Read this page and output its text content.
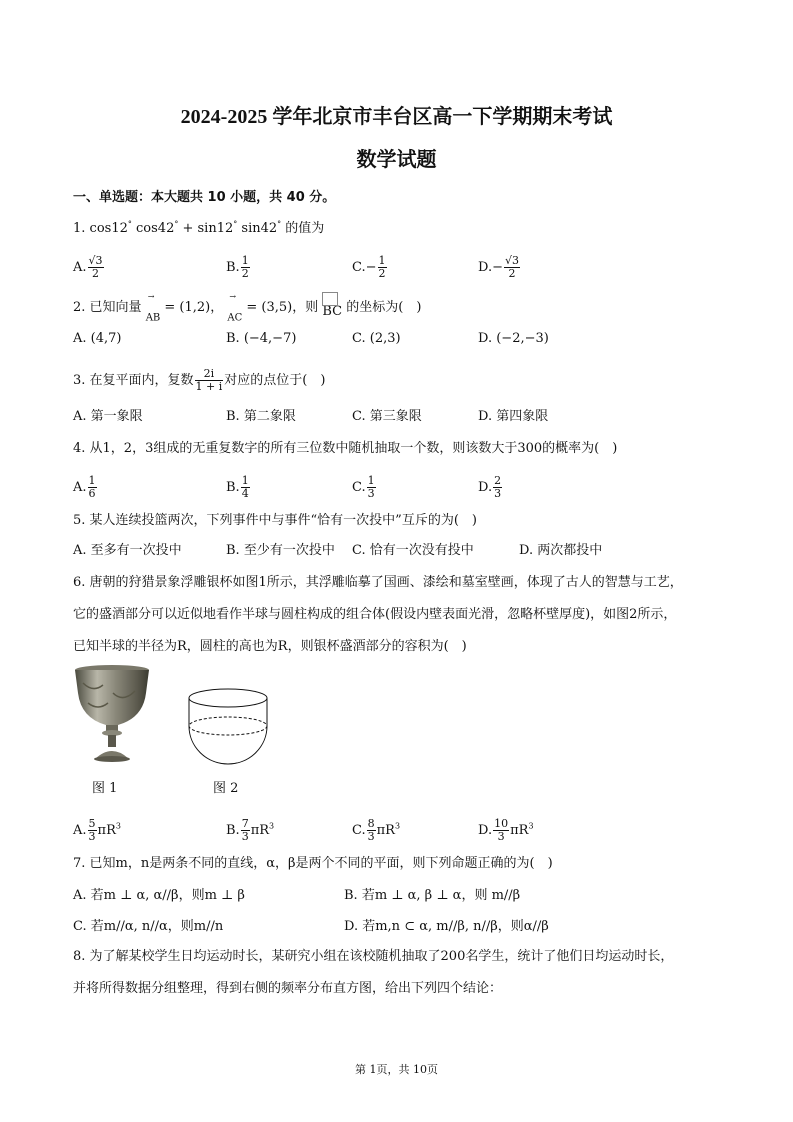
2024-2025 学年北京市丰台区高一下学期期末考试
数学试题
一、单选题：本大题共 10 小题，共 40 分。
1. cos12° cos42° + sin12° sin42° 的值为
A. $\frac{√3}{2}$	B. $\frac{1}{2}$	$C.- \frac{1}{2}$	$D.- \frac{√3}{2}$
2. 已知向量
→
$_{AB}$ = (1,2)，
→
$_{AC}$ = (3,5)，则 BC 的坐标为(　)
A. (4,7)	B. (−4,−7)	C. (2,3)	D. (−2,−3)
3. 在复平面内，复数 $\frac{2i}{1 + i}$ 对应的点位于(　)
A. 第一象限	B. 第二象限	C. 第三象限	D. 第四象限
4. 从1，2，3组成的无重复数字的所有三位数中随机抽取一个数，则该数大于300的概率为(　)
A. $\frac{1}{6}$	B. $\frac{1}{4}$	C. $\frac{1}{3}$	D. $\frac{2}{3}$
5. 某人连续投篮两次，下列事件中与事件“恰有一次投中”互斥的为(　)
A. 至多有一次投中	B. 至少有一次投中 C. 恰有一次没有投中	D. 两次都投中
6. 唐朝的狩猎景象浮雕银杯如图1所示，其浮雕临摹了国画、漆绘和墓室壁画，体现了古人的智慧与工艺，
它的盛酒部分可以近似地看作半球与圆柱构成的组合体(假设内壁表面光滑，忽略杯壁厚度)，如图2所示，
已知半球的半径为R，圆柱的高也为R，则银杯盛酒部分的容积为(　)
图 1	图 2
A. $\frac{5}{3} \pi R^3$	B. $\frac{7}{3} \pi R^3$	C. $\frac{8}{3} \pi R^3$	D. $\frac{10}{3} \pi R^3$
7. 已知m，n是两条不同的直线，α，β是两个不同的平面，则下列命题正确的为(　)
A. 若m ⊥ α, α//β，则m ⊥ β	B. 若m ⊥ α, β ⊥ α，则 m//β
C. 若m//α, n//α，则m//n	D. 若m,n ⊂ α, m//β, n//β，则α//β
8. 为了解某校学生日均运动时长，某研究小组在该校随机抽取了200名学生，统计了他们日均运动时长，
并将所得数据分组整理，得到右侧的频率分布直方图，给出下列四个结论：
第 1页，共 10页
